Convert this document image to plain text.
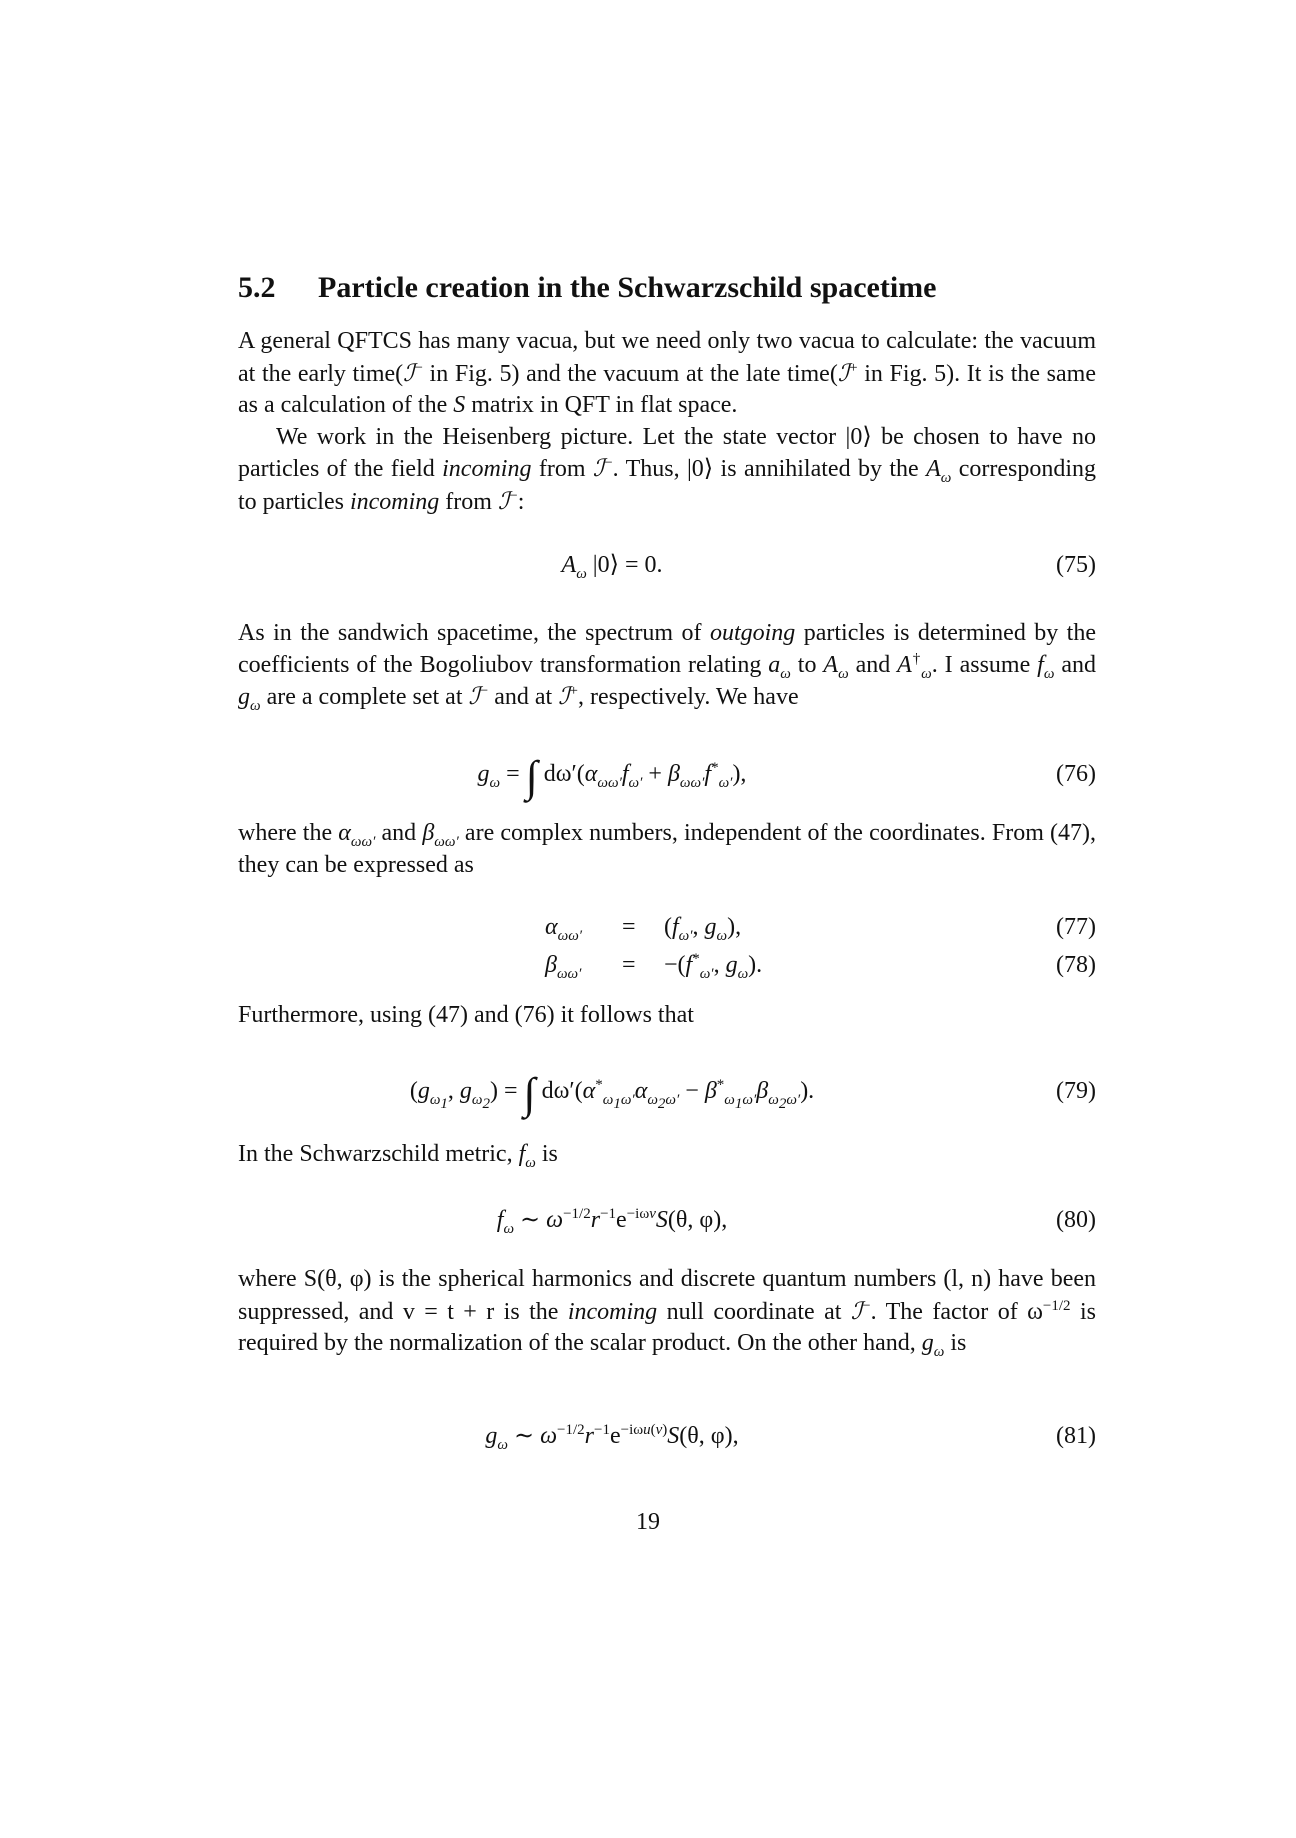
5.2 Particle creation in the Schwarzschild spacetime

A general QFTCS has many vacua, but we need only two vacua to calculate: the vacuum at the early time(ℐ− in Fig. 5) and the vacuum at the late time(ℐ+ in Fig. 5). It is the same as a calculation of the S matrix in QFT in flat space.

We work in the Heisenberg picture. Let the state vector |0⟩ be chosen to have no particles of the field incoming from ℐ−. Thus, |0⟩ is annihilated by the $A_\omega$ corresponding to particles incoming from ℐ−:

$A_\omega$ |0⟩ = 0.	(75)

As in the sandwich spacetime, the spectrum of outgoing particles is determined by the coefficients of the Bogoliubov transformation relating $a_\omega$ to $A_\omega$ and $A^\dagger_\omega$. I assume $f_\omega$ and $g_\omega$ are a complete set at ℐ− and at ℐ+, respectively. We have

$g_\omega$ = ∫ $d\omega'(\alpha_{\omega\omega'}f_{\omega'} + \beta_{\omega\omega'}f^*_{\omega'})$,	(76)

where the $\alpha_{\omega\omega'}$ and $\beta_{\omega\omega'}$ are complex numbers, independent of the coordinates. From (47), they can be expressed as

$\alpha_{\omega\omega'} = (f_{\omega'}$, $g_\omega$),	(77)
$\beta_{\omega\omega'} = -(f^*_{\omega'}$, $g_\omega$).	(78)

Furthermore, using (47) and (76) it follows that

($g_{\omega_1}$, $g_{\omega_2}$) = ∫ $d\omega'(\alpha^*_{\omega_1\omega'}\alpha_{\omega_2\omega'} - \beta^*_{\omega_1\omega'}\beta_{\omega_2\omega'})$.	(79)

In the Schwarzschild metric, $f_\omega$ is

$f_\omega$ ∼ $\omega^{-1/2}r^{-1}e^{-i\omega v}S(\theta$, φ),	(80)

where S(θ, φ) is the spherical harmonics and discrete quantum numbers (l, n) have been suppressed, and v = t + r is the incoming null coordinate at ℐ−. The factor of $\omega^{-1/2}$ is required by the normalization of the scalar product. On the other hand, $g_\omega$ is

$g_\omega$ ∼ $\omega^{-1/2}r^{-1}e^{-i\omega u(v)}S(\theta$, φ),	(81)
19
